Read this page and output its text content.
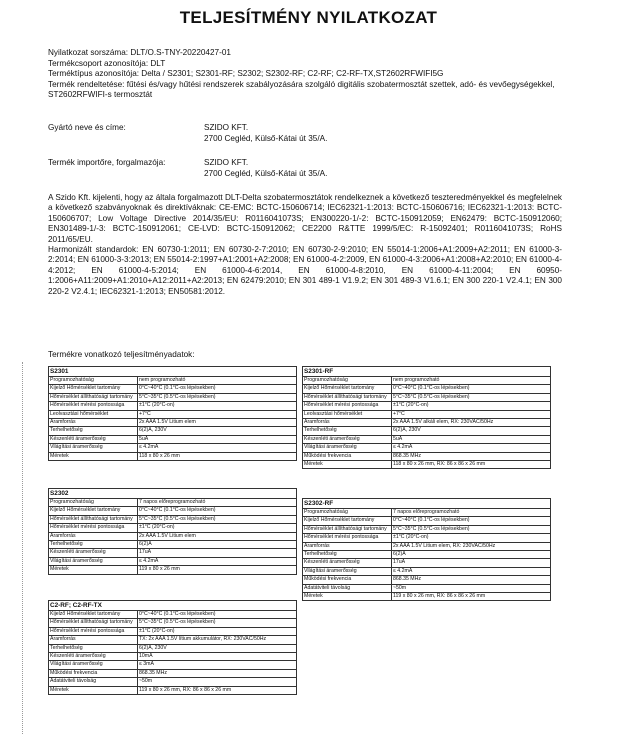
TELJESÍTMÉNY NYILATKOZAT

Nyilatkozat sorszáma: DLT/O.S-TNY-20220427-01

Termékcsoport azonosítója: DLT

Terméktípus azonosítója: Delta / S2301; S2301-RF; S2302; S2302-RF; C2-RF; C2-RF-TX,ST2602RFWIFI5G

Termék rendeltetése: fűtési és/vagy hűtési rendszerek szabályozására szolgáló digitális szobatermosztát szettek, adó- és vevőegységekkel, ST2602RFWIFI-s termosztát

Gyártó neve és címe:	SZIDO KFT.
2700 Cegléd, Külső-Kátai út 35/A.
Termék importőre, forgalmazója:	SZIDO KFT.
2700 Cegléd, Külső-Kátai út 35/A.

A Szido Kft. kijelenti, hogy az általa forgalmazott DLT-Delta szobatermosztátok rendelkeznek a következő teszteredményekkel és megfelelnek a következő szabványoknak és direktíváknak: CE-EMC: BCTC-150606714; IEC62321-1:2013: BCTC-150606716; IEC62321-1:2013: BCTC-150606707; Low Voltage Directive 2014/35/EU: R0116041073S; EN300220-1/-2: BCTC-150912059; EN62479: BCTC-150912060; EN301489-1/-3: BCTC-150912061; CE-LVD: BCTC-150912062; CE2200 R&TTE 1999/5/EC: R-15092401; R0116041073S; RoHS 2011/65/EU.

Harmonizált standardok: EN 60730-1:2011; EN 60730-2-7:2010; EN 60730-2-9:2010; EN 55014-1:2006+A1:2009+A2:2011; EN 61000-3-2:2014; EN 61000-3-3:2013; EN 55014-2:1997+A1:2001+A2:2008; EN 61000-4-2:2009, EN 61000-4-3:2006+A1:2008+A2:2010; EN 61000-4-4:2012; EN 61000-4-5:2014; EN 61000-4-6:2014, EN 61000-4-8:2010, EN 61000-4-11:2004; EN 60950-1:2006+A11:2009+A1:2010+A12:2011+A2:2013; EN 62479:2010; EN 301 489-1 V1.9.2; EN 301 489-3 V1.6.1; EN 300 220-1 V2.4.1; EN 300 220-2 V2.4.1; IEC62321-1:2013; EN50581:2012.

Termékre vonatkozó teljesítményadatok:
S2301	
Programozhatóság	nem programozható
Kijelző Hőmérséklet tartomány	0°C~40°C (0.1°C-os lépésekben)
Hőmérséklet állíthatósági tartomány	5°C~35°C (0.5°C-os lépésekben)
Hőmérséklet mérési pontossága	±1°C (20°C-on)
Leolvasztási hőmérséklet	+7°C
Áramforrás	2x AAA 1.5V Litium elem
Terhelhetőség	6(2)A, 230V
Készenléti áramerősség	5uA
Világítási áramerősség	≤ 4.2mA
Méretek	118 x 80 x 26 mm
S2301-RF	
Programozhatóság	nem programozható
Kijelző Hőmérséklet tartomány	0°C~40°C (0.1°C-os lépésekben)
Hőmérséklet állíthatósági tartomány	5°C~35°C (0.5°C-os lépésekben)
Hőmérséklet mérési pontossága	±1°C (20°C-on)
Leolvasztási hőmérséklet	+7°C
Áramforrás	2x AAA 1.5V alkáli elem, RX: 230VAC/50Hz
Terhelhetőség	6(2)A, 230V
Készenléti áramerősség	5uA
Világítási áramerősség	≤ 4.2mA
Működési frekvencia	868.35 MHz
Méretek	118 x 80 x 26 mm, RX: 86 x 86 x 26 mm
S2302	
Programozhatóság	7 napos előreprogramozható
Kijelző Hőmérséklet tartomány	0°C~40°C (0.1°C-os lépésekben)
Hőmérséklet állíthatósági tartomány	5°C~35°C (0.5°C-os lépésekben)
Hőmérséklet mérési pontossága	±1°C (20°C-on)
Áramforrás	2x AAA 1.5V Litium elem
Terhelhetőség	6(2)A
Készenléti áramerősség	17uA
Világítási áramerősség	≤ 4.2mA
Méretek	119 x 80 x 26 mm
S2302-RF	
Programozhatóság	7 napos előreprogramozható
Kijelző Hőmérséklet tartomány	0°C~40°C (0.1°C-os lépésekben)
Hőmérséklet állíthatósági tartomány	5°C~35°C (0.5°C-os lépésekben)
Hőmérséklet mérési pontossága	±1°C (20°C-on)
Áramforrás	2x AAA 1.5V Litium elem, RX: 230VAC/50Hz
Terhelhetőség	6(2)A
Készenléti áramerősség	17uA
Világítási áramerősség	≤ 4.2mA
Működési frekvencia	868.35 MHz
Adatátviteli távolság	~50m
Méretek	119 x 80 x 26 mm, RX: 86 x 86 x 26 mm
C2-RF; C2-RF-TX	
Kijelző Hőmérséklet tartomány	0°C~40°C (0.1°C-os lépésekben)
Hőmérséklet állíthatósági tartomány	5°C~35°C (0.5°C-os lépésekben)
Hőmérséklet mérési pontossága	±1°C (20°C-on)
Áramforrás	TX: 2x AAA 1.5V lítium akkumulátor, RX: 230VAC/50Hz
Terhelhetőség	6(2)A, 230V
Készenléti áramerősség	10mA
Világítási áramerősség	≤ 3mA
Működési frekvencia	868.35 MHz
Adatátviteli távolság	~50m
Méretek	119 x 80 x 26 mm, RX: 86 x 86 x 26 mm
